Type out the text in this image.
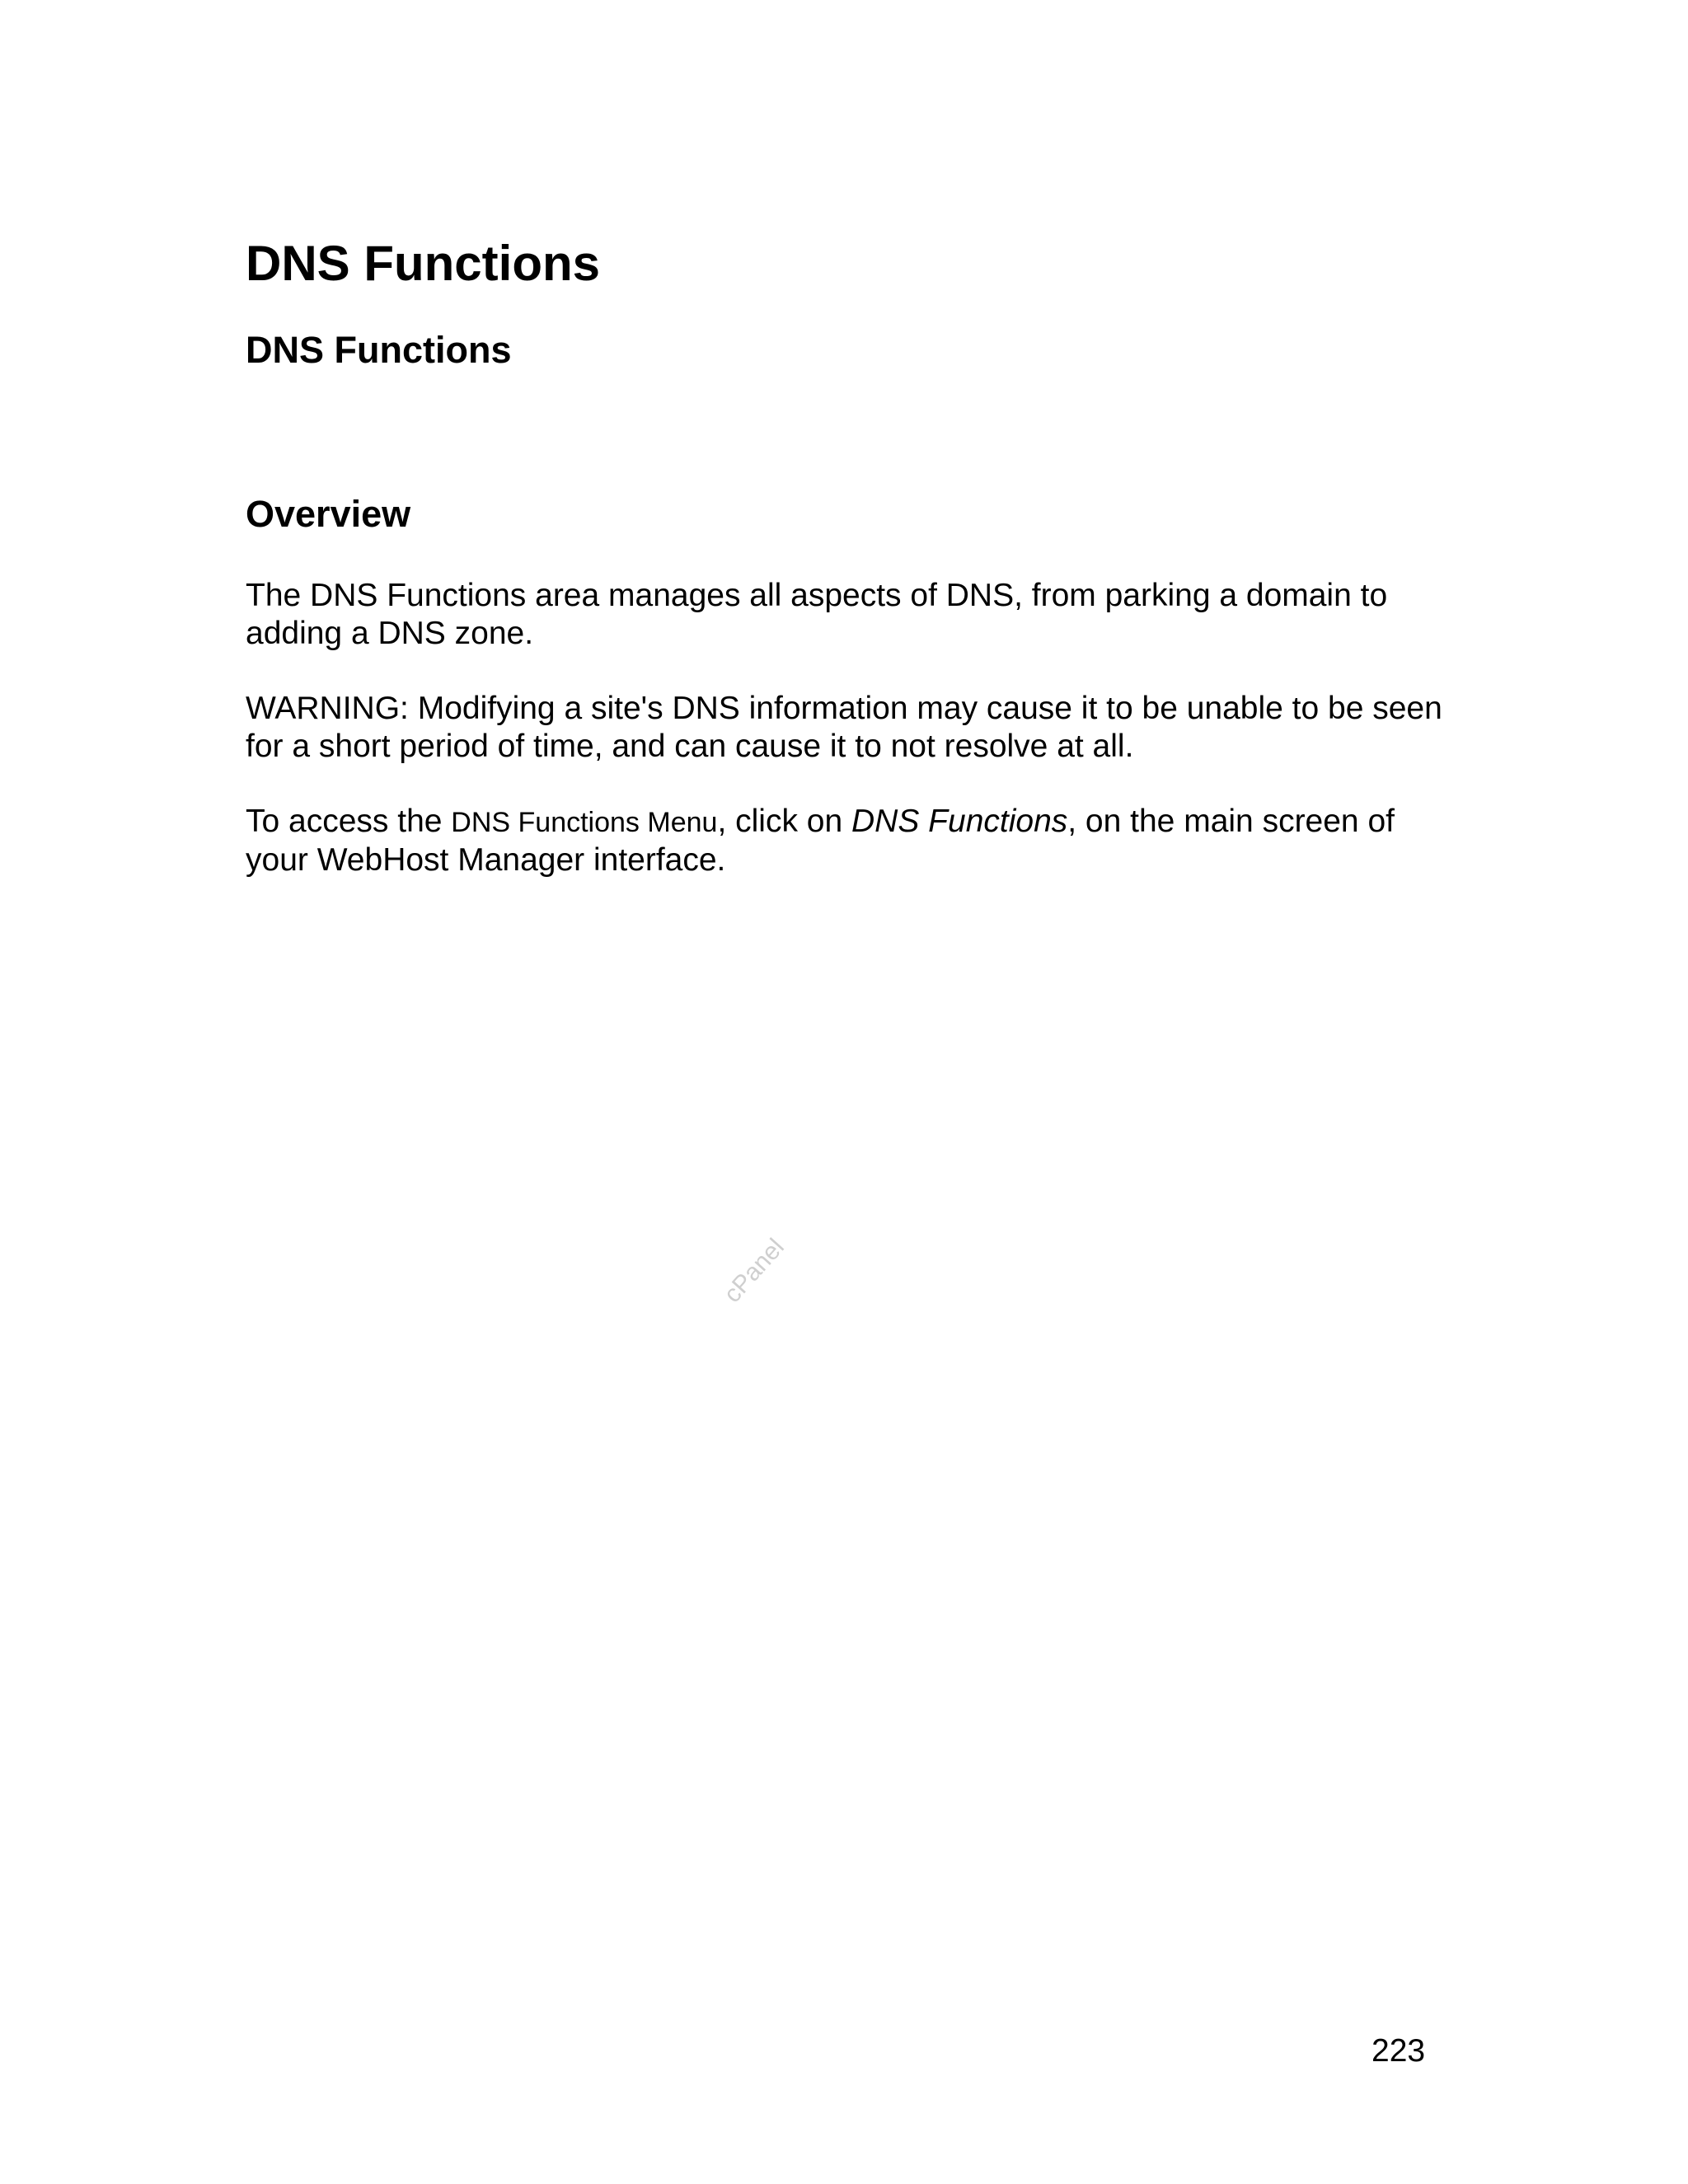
DNS Functions
DNS Functions
Overview

The DNS Functions area manages all aspects of DNS, from parking a domain to adding a DNS zone.

WARNING: Modifying a site's DNS information may cause it to be unable to be seen for a short period of time, and can cause it to not resolve at all.

To access the DNS Functions Menu, click on DNS Functions, on the main screen of your WebHost Manager interface.

cPanel
223
